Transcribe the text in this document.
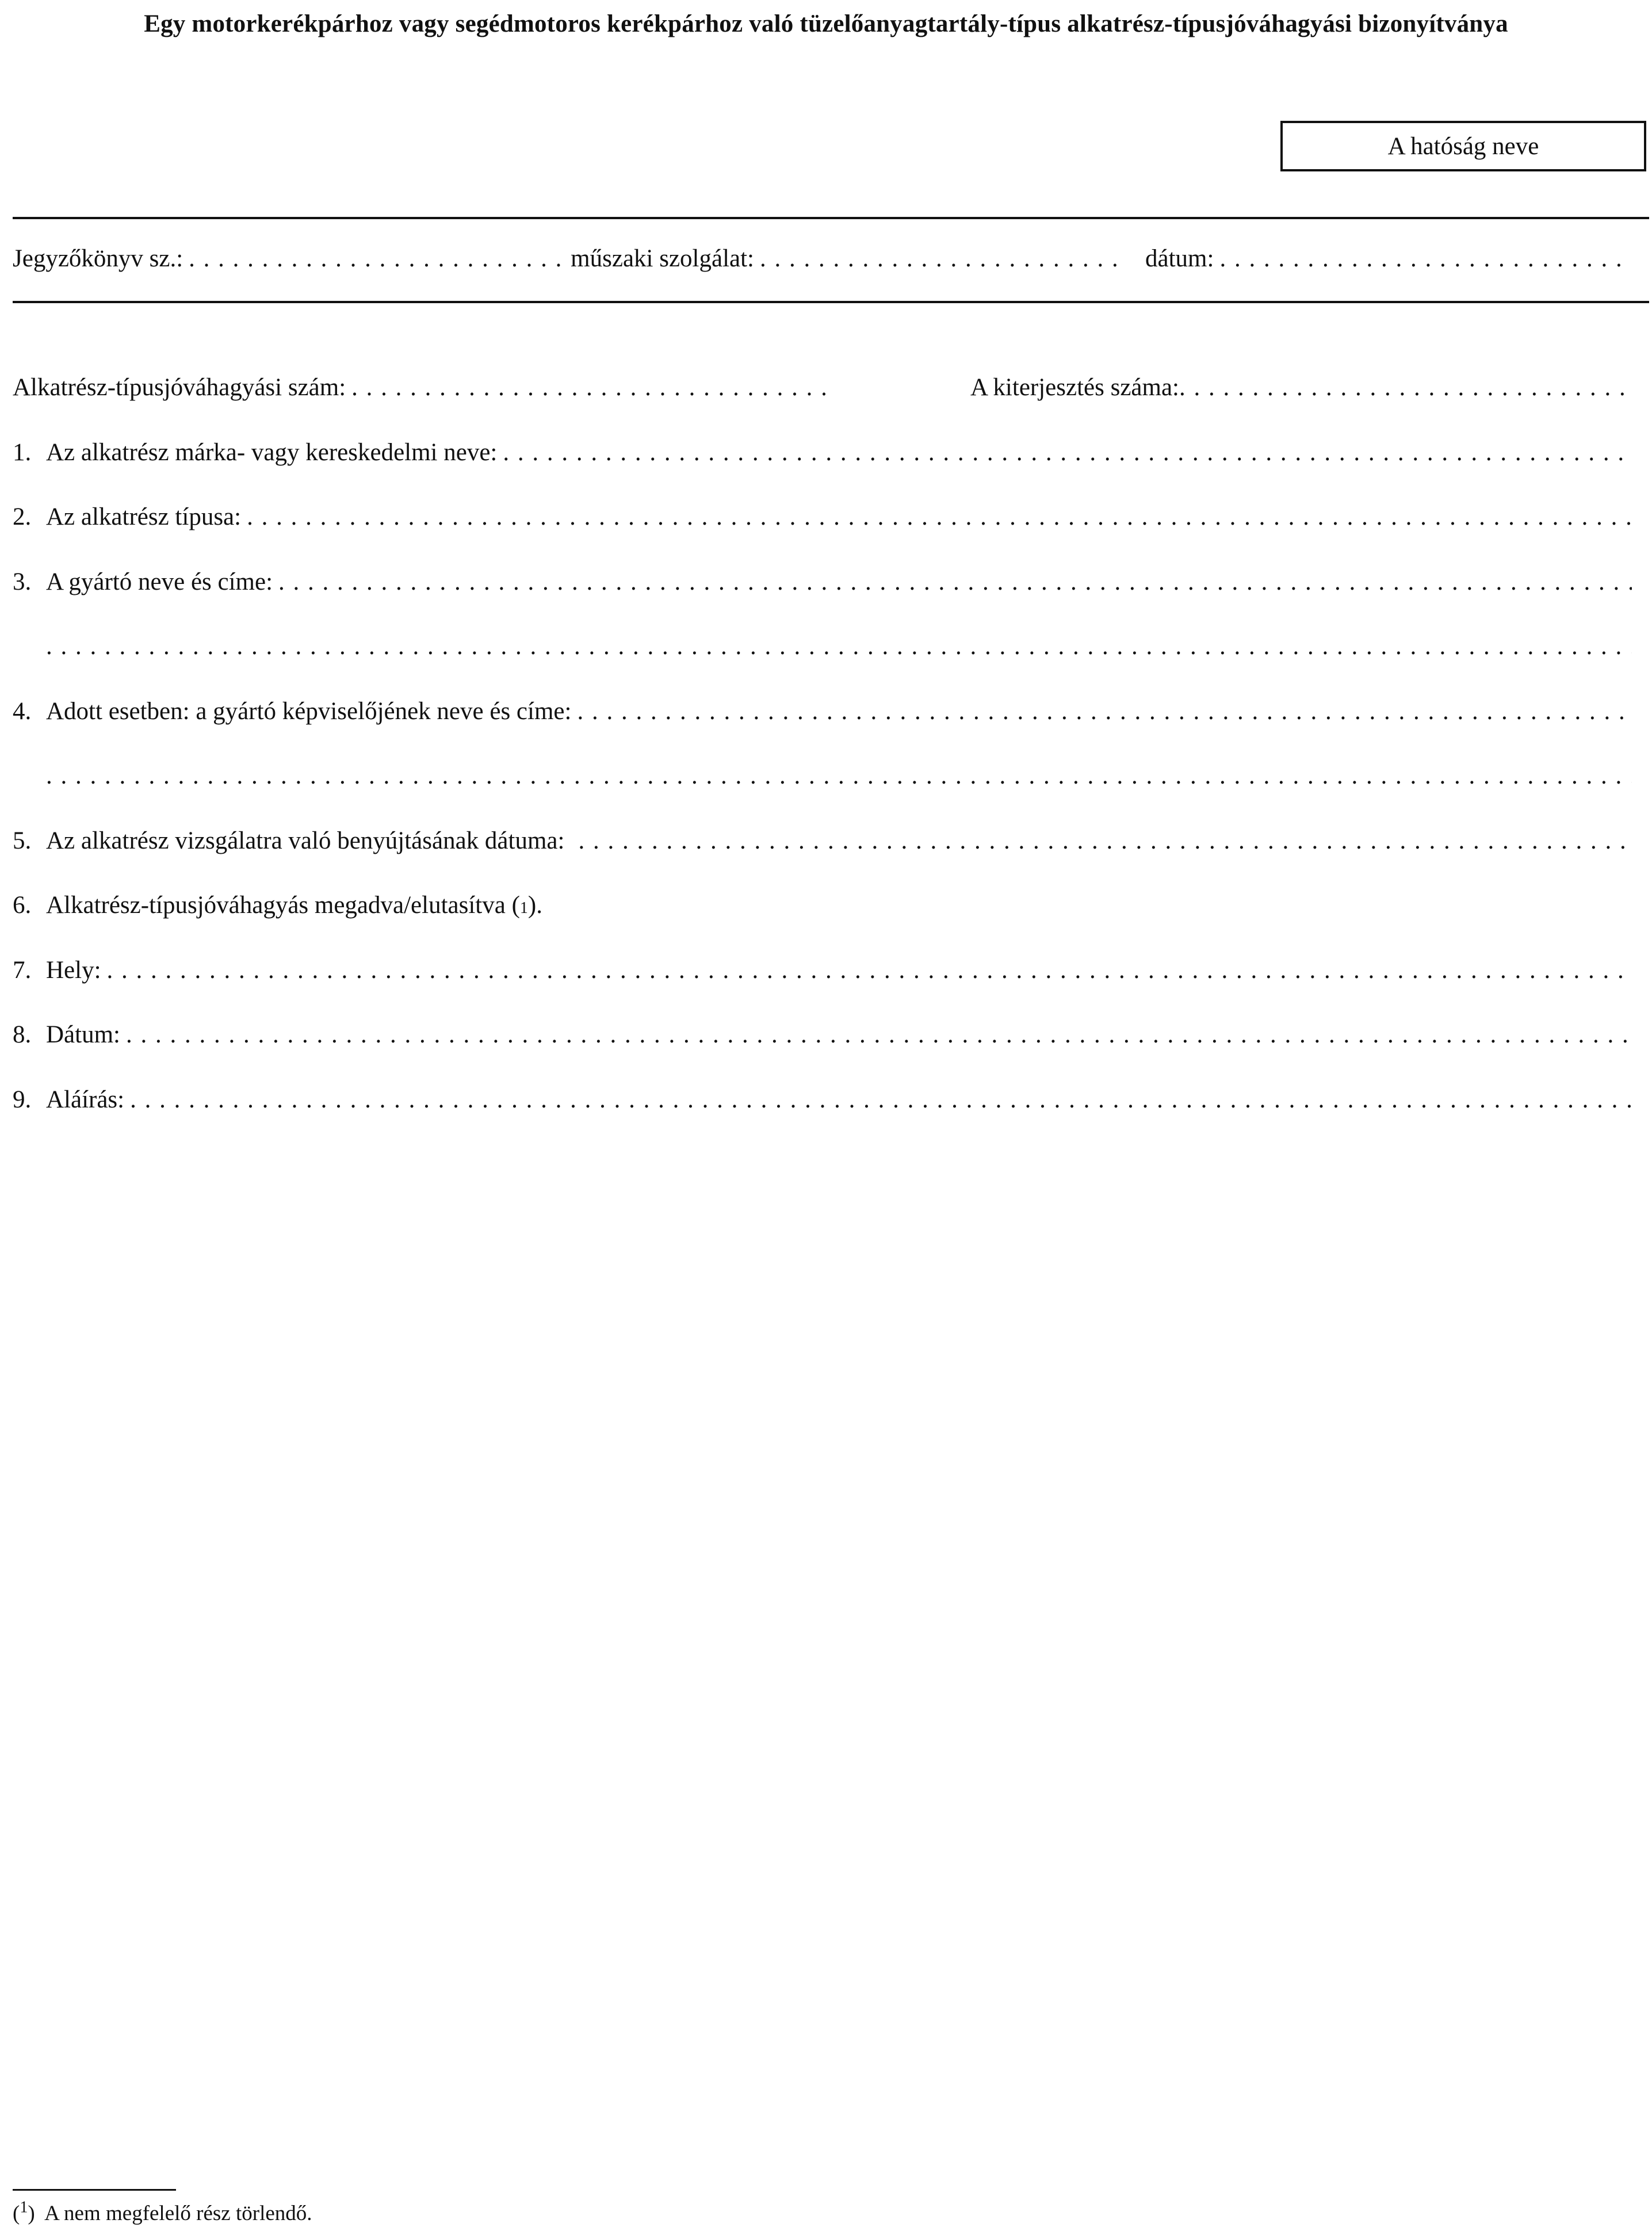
Egy motorkerékpárhoz vagy segédmotoros kerékpárhoz való tüzelőanyagtartály-típus alkatrész-típusjóváhagyási bizonyítványa
A hatóság neve
Jegyzőkönyv sz.: . . .	műszaki szolgálat: . . .	dátum:
. . .
Alkatrész-típusjóváhagyási szám: . . .	A kiterjesztés száma:
. . .
1. Az alkatrész márka- vagy kereskedelmi neve:
. . .
2. Az alkatrész típusa:
. . .
3. A gyártó neve és címe:
. . .
. . .
4. Adott esetben: a gyártó képviselőjének neve és címe:
. . .
. . .
5. Az alkatrész vizsgálatra való benyújtásának dátuma:
. . .
6. Alkatrész-típusjóváhagyás megadva/elutasítva ( 1 ).
7. Hely:
. . .
8. Dátum:
. . .
9. Aláírás:
. . .
($^1$)  A nem megfelelő rész törlendő.
